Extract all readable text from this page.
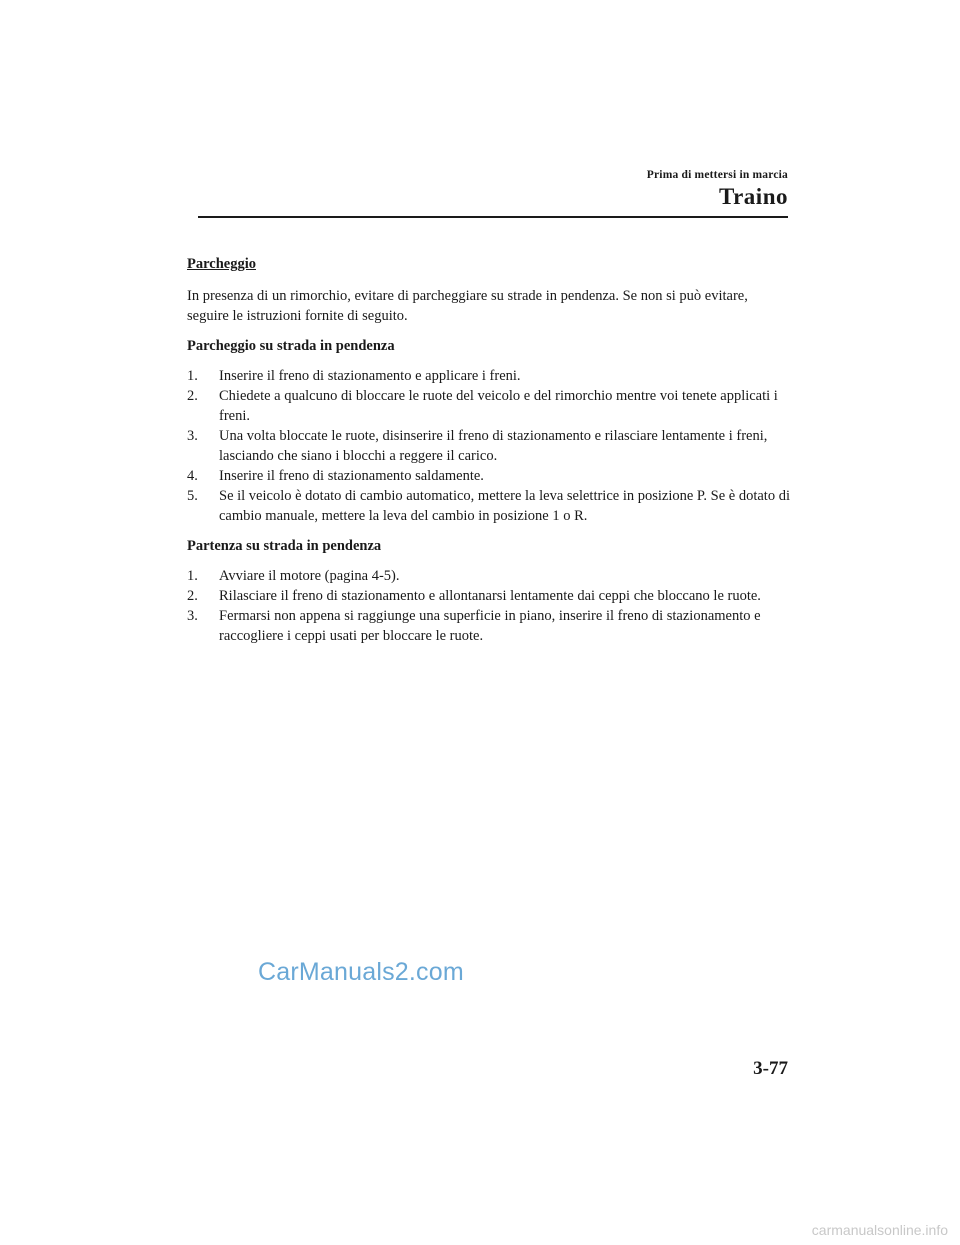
Prima di mettersi in marcia
Traino
Parcheggio

In presenza di un rimorchio, evitare di parcheggiare su strade in pendenza. Se non si può evitare, seguire le istruzioni fornite di seguito.

Parcheggio su strada in pendenza
1. Inserire il freno di stazionamento e applicare i freni.
2. Chiedete a qualcuno di bloccare le ruote del veicolo e del rimorchio mentre voi tenete applicati i freni.
3. Una volta bloccate le ruote, disinserire il freno di stazionamento e rilasciare lentamente i freni, lasciando che siano i blocchi a reggere il carico.
4. Inserire il freno di stazionamento saldamente.
5. Se il veicolo è dotato di cambio automatico, mettere la leva selettrice in posizione P. Se è dotato di cambio manuale, mettere la leva del cambio in posizione 1 o R.
Partenza su strada in pendenza
1. Avviare il motore (pagina 4-5).
2. Rilasciare il freno di stazionamento e allontanarsi lentamente dai ceppi che bloccano le ruote.
3. Fermarsi non appena si raggiunge una superficie in piano, inserire il freno di stazionamento e raccogliere i ceppi usati per bloccare le ruote.
CarManuals2.com
3-77
carmanualsonline.info
